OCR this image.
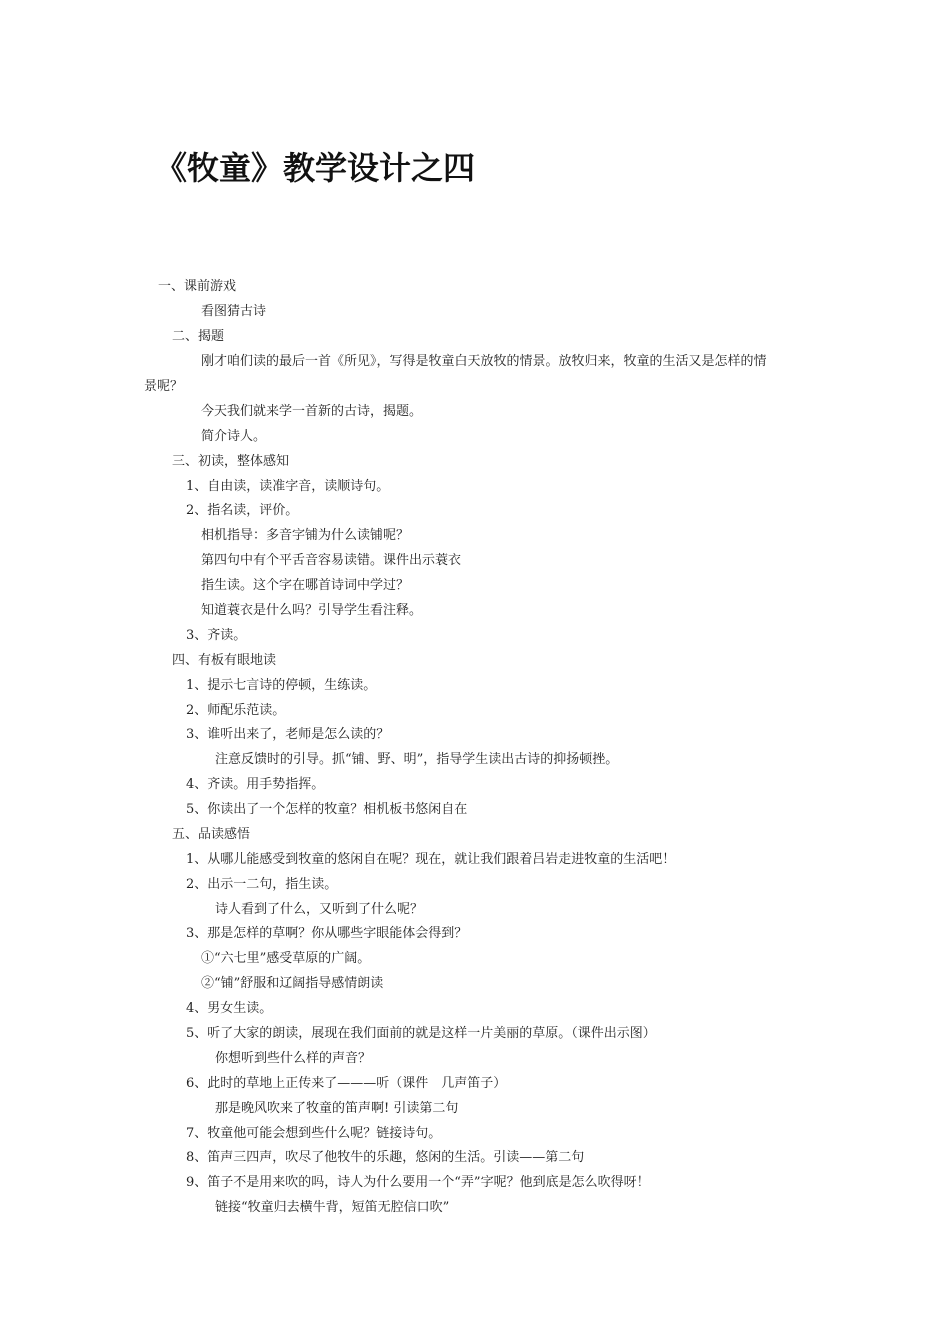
《牧童》教学设计之四
一、课前游戏
看图猜古诗
二、揭题
刚才咱们读的最后一首《所见》，写得是牧童白天放牧的情景。放牧归来，牧童的生活又是怎样的情
景呢？
今天我们就来学一首新的古诗，揭题。
简介诗人。
三、初读，整体感知
1、自由读，读准字音，读顺诗句。
2、指名读，评价。
相机指导：多音字铺为什么读铺呢？
第四句中有个平舌音容易读错。课件出示蓑衣
指生读。这个字在哪首诗词中学过？
知道蓑衣是什么吗？引导学生看注释。
3、齐读。
四、有板有眼地读
1、提示七言诗的停顿，生练读。
2、师配乐范读。
3、谁听出来了，老师是怎么读的？
注意反馈时的引导。抓“铺、野、明”，指导学生读出古诗的抑扬顿挫。
4、齐读。用手势指挥。
5、你读出了一个怎样的牧童？相机板书悠闲自在
五、品读感悟
1、从哪儿能感受到牧童的悠闲自在呢？现在，就让我们跟着吕岩走进牧童的生活吧！
2、出示一二句，指生读。
诗人看到了什么，又听到了什么呢？
3、那是怎样的草啊？你从哪些字眼能体会得到？
①“六七里”感受草原的广阔。
②“铺”舒服和辽阔指导感情朗读
4、男女生读。
5、听了大家的朗读，展现在我们面前的就是这样一片美丽的草原。（课件出示图）
你想听到些什么样的声音？
6、此时的草地上正传来了———听（课件　几声笛子）
那是晚风吹来了牧童的笛声啊! 引读第二句
7、牧童他可能会想到些什么呢？链接诗句。
8、笛声三四声，吹尽了他牧牛的乐趣，悠闲的生活。引读——第二句
9、笛子不是用来吹的吗，诗人为什么要用一个“弄”字呢？他到底是怎么吹得呀！
链接“牧童归去横牛背，短笛无腔信口吹”
